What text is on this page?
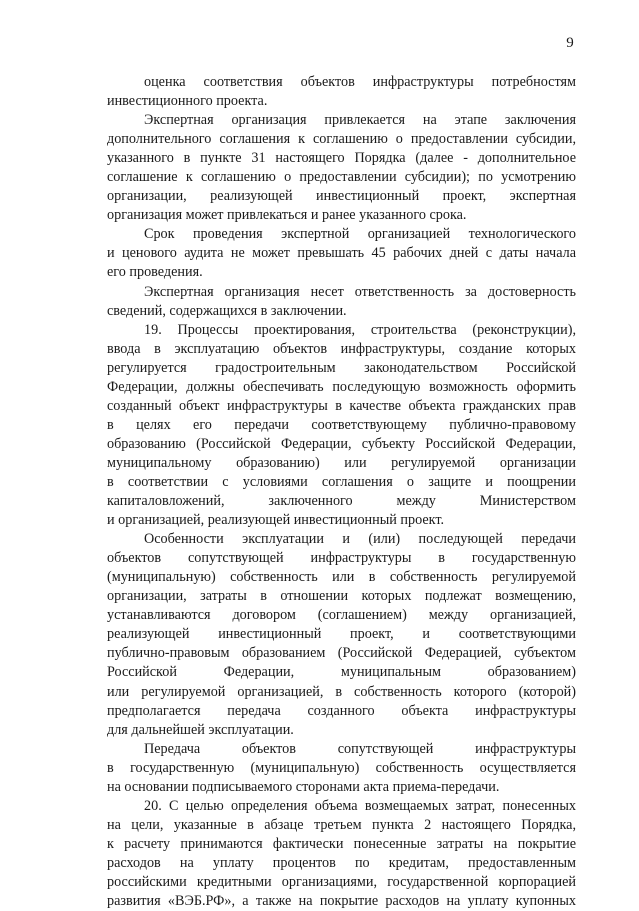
9
оценка соответствия объектов инфраструктуры потребностям
инвестиционного проекта.
Экспертная организация привлекается на этапе заключения
дополнительного соглашения к соглашению о предоставлении субсидии,
указанного в пункте 31 настоящего Порядка (далее - дополнительное
соглашение к соглашению о предоставлении субсидии); по усмотрению
организации, реализующей инвестиционный проект, экспертная
организация может привлекаться и ранее указанного срока.
Срок проведения экспертной организацией технологического
и ценового аудита не может превышать 45 рабочих дней с даты начала
его проведения.
Экспертная организация несет ответственность за достоверность
сведений, содержащихся в заключении.
19. Процессы проектирования, строительства (реконструкции),
ввода в эксплуатацию объектов инфраструктуры, создание которых
регулируется градостроительным законодательством Российской
Федерации, должны обеспечивать последующую возможность оформить
созданный объект инфраструктуры в качестве объекта гражданских прав
в целях его передачи соответствующему публично-правовому
образованию (Российской Федерации, субъекту Российской Федерации,
муниципальному образованию) или регулируемой организации
в соответствии с условиями соглашения о защите и поощрении
капиталовложений, заключенного между Министерством
и организацией, реализующей инвестиционный проект.
Особенности эксплуатации и (или) последующей передачи
объектов сопутствующей инфраструктуры в государственную
(муниципальную) собственность или в собственность регулируемой
организации, затраты в отношении которых подлежат возмещению,
устанавливаются договором (соглашением) между организацией,
реализующей инвестиционный проект, и соответствующими
публично-правовым образованием (Российской Федерацией, субъектом
Российской Федерации, муниципальным образованием)
или регулируемой организацией, в собственность которого (которой)
предполагается передача созданного объекта инфраструктуры
для дальнейшей эксплуатации.
Передача объектов сопутствующей инфраструктуры
в государственную (муниципальную) собственность осуществляется
на основании подписываемого сторонами акта приема-передачи.
20. С целью определения объема возмещаемых затрат, понесенных
на цели, указанные в абзаце третьем пункта 2 настоящего Порядка,
к расчету принимаются фактически понесенные затраты на покрытие
расходов на уплату процентов по кредитам, предоставленным
российскими кредитными организациями, государственной корпорацией
развития «ВЭБ.РФ», а также на покрытие расходов на уплату купонных
